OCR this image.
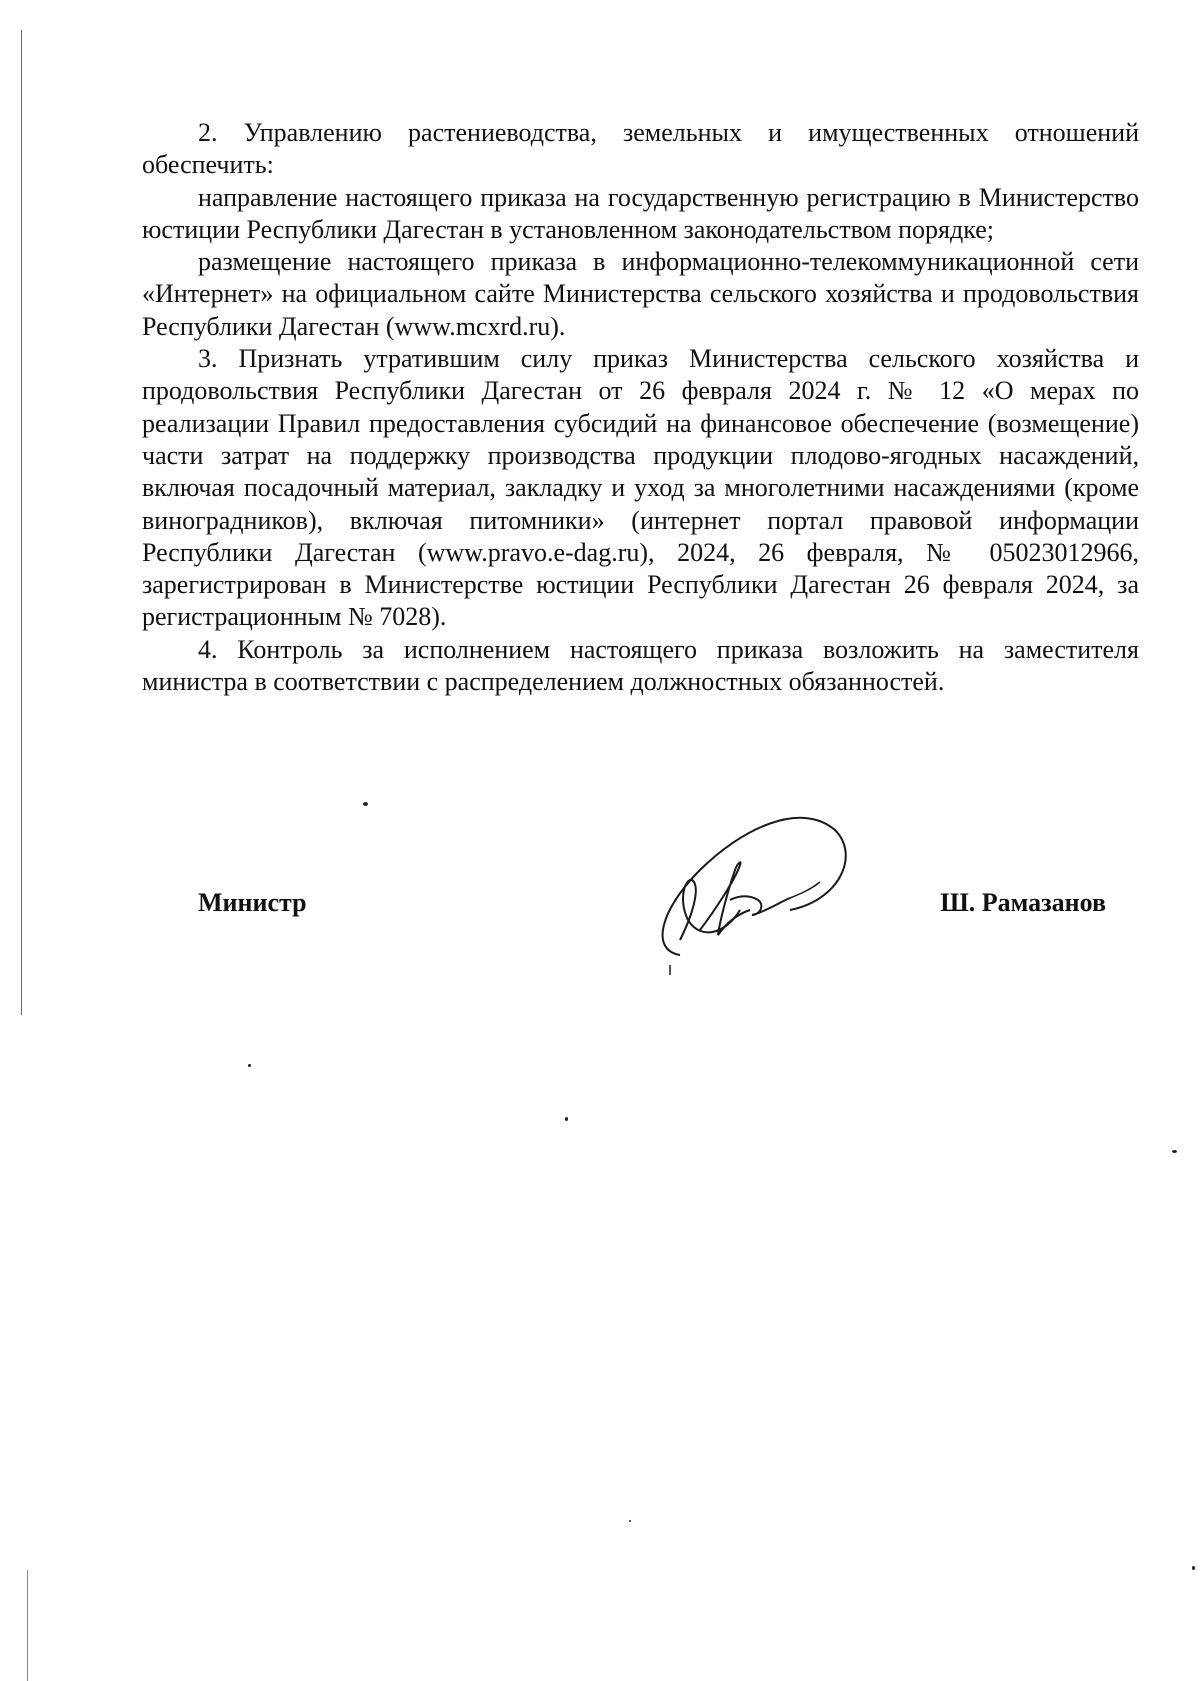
2. Управлению растениеводства, земельных и имущественных отношений обеспечить:

направление настоящего приказа на государственную регистрацию в Министерство юстиции Республики Дагестан в установленном законодательством порядке;

размещение настоящего приказа в информационно-телекоммуникационной сети «Интернет» на официальном сайте Министерства сельского хозяйства и продовольствия Республики Дагестан (www.mcxrd.ru).

3. Признать утратившим силу приказ Министерства сельского хозяйства и продовольствия Республики Дагестан от 26 февраля 2024 г. № 12 «О мерах по реализации Правил предоставления субсидий на финансовое обеспечение (возмещение) части затрат на поддержку производства продукции плодово-ягодных насаждений, включая посадочный материал, закладку и уход за многолетними насаждениями (кроме виноградников), включая питомники» (интернет портал правовой информации Республики Дагестан (www.pravo.e-dag.ru), 2024, 26 февраля, № 05023012966, зарегистрирован в Министерстве юстиции Республики Дагестан 26 февраля 2024, за регистрационным № 7028).

4. Контроль за исполнением настоящего приказа возложить на заместителя министра в соответствии с распределением должностных обязанностей.

Министр	Ш. Рамазанов
